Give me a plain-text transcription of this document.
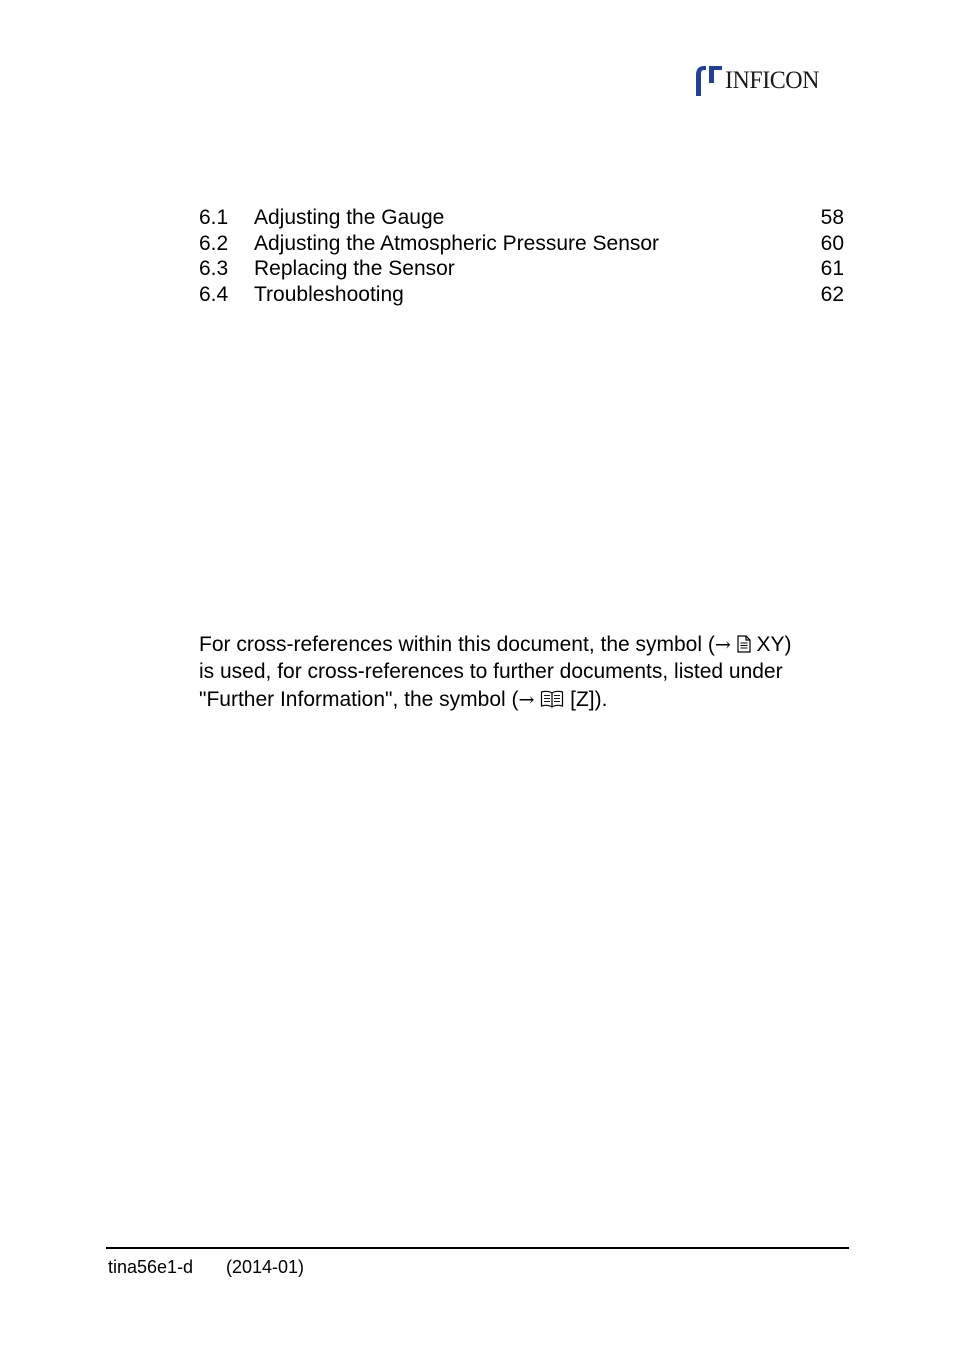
INFICON
6.1 Adjusting the Gauge	58
6.2 Adjusting the Atmospheric Pressure Sensor	60
6.3 Replacing the Sensor	61
6.4 Troubleshooting	62
For cross-references within this document, the symbol (→  XY)
is used, for cross-references to further documents, listed under
"Further Information", the symbol (→  [Z]).
tina56e1-d (2014-01)
